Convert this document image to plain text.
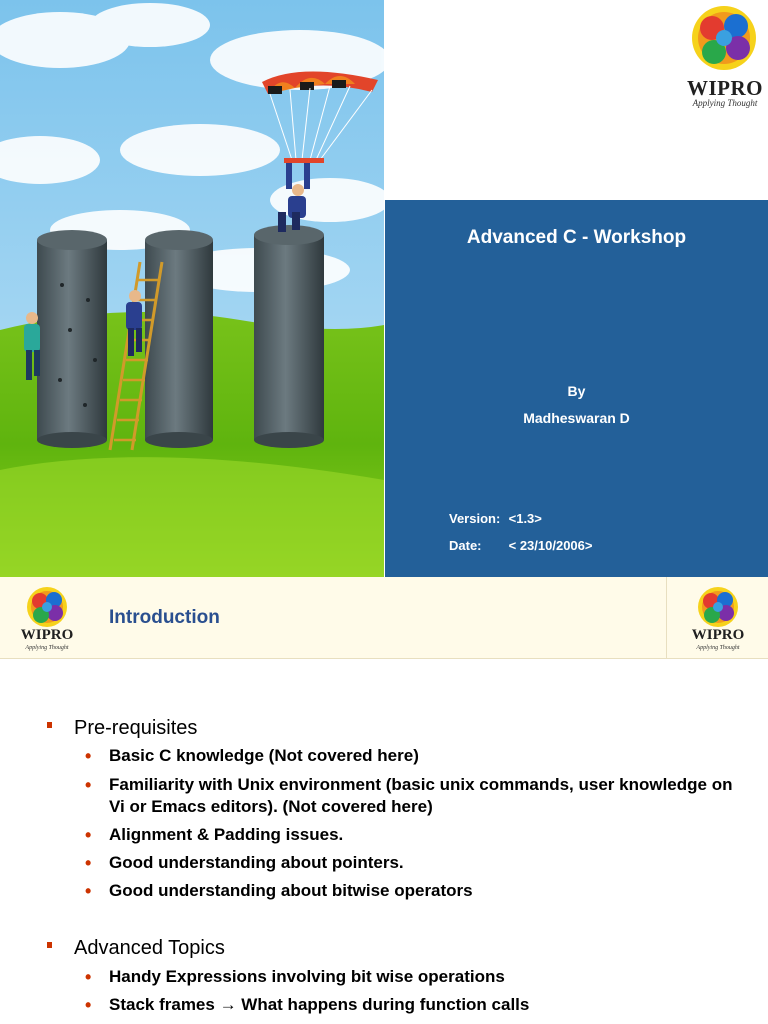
WIPRO
Applying Thought
Advanced C - Workshop
By
Madheswaran D
Version: <1.3>
Date: < 23/10/2006>
WIPRO
Applying Thought
Introduction
WIPRO
Applying Thought
Pre-requisites
• Basic C knowledge (Not covered here)
• Familiarity with Unix environment (basic unix commands, user knowledge on Vi or Emacs editors). (Not covered here)
• Alignment & Padding issues.
• Good understanding about pointers.
• Good understanding about bitwise operators
Advanced Topics
• Handy Expressions involving bit wise operations
• Stack frames → What happens during function calls
